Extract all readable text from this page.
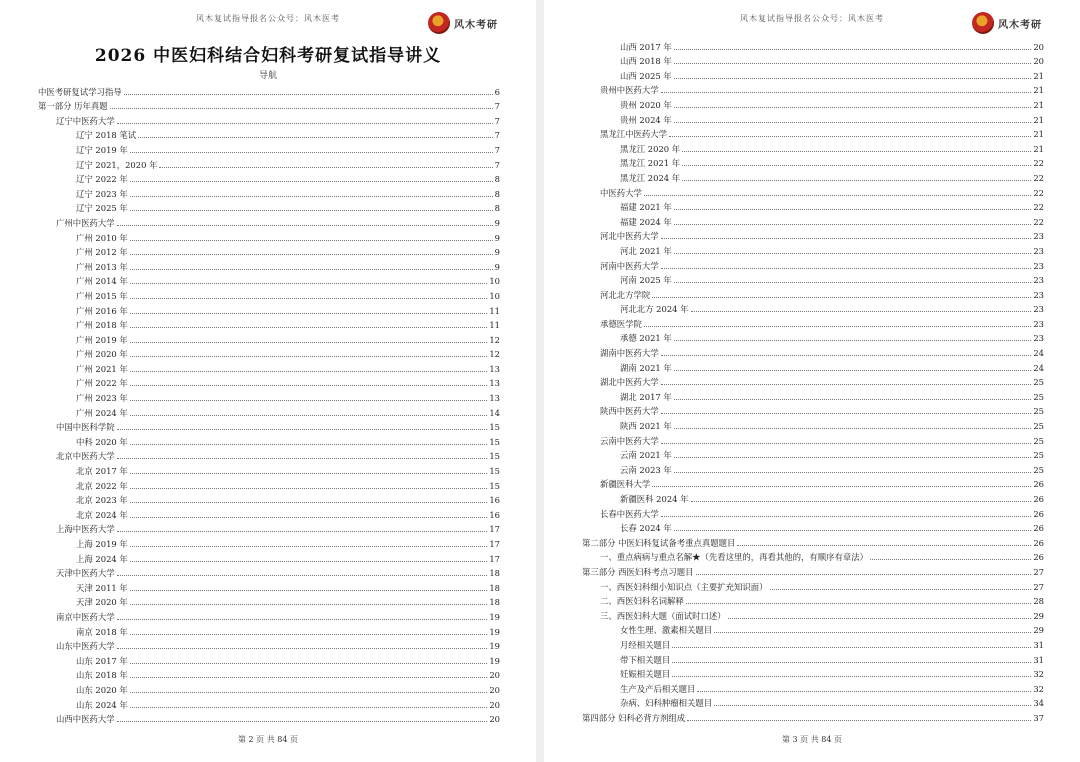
风木复试指导报名公众号：风木医考
风木考研
2026 中医妇科结合妇科考研复试指导讲义
导航
中医考研复试学习指导	6
第一部分 历年真题	7
辽宁中医药大学	7
辽宁 2018 笔试	7
辽宁 2019 年	7
辽宁 2021，2020 年	7
辽宁 2022 年	8
辽宁 2023 年	8
辽宁 2025 年	8
广州中医药大学	9
广州 2010 年	9
广州 2012 年	9
广州 2013 年	9
广州 2014 年	10
广州 2015 年	10
广州 2016 年	11
广州 2018 年	11
广州 2019 年	12
广州 2020 年	12
广州 2021 年	13
广州 2022 年	13
广州 2023 年	13
广州 2024 年	14
中国中医科学院	15
中科 2020 年	15
北京中医药大学	15
北京 2017 年	15
北京 2022 年	15
北京 2023 年	16
北京 2024 年	16
上海中医药大学	17
上海 2019 年	17
上海 2024 年	17
天津中医药大学	18
天津 2011 年	18
天津 2020 年	18
南京中医药大学	19
南京 2018 年	19
山东中医药大学	19
山东 2017 年	19
山东 2018 年	20
山东 2020 年	20
山东 2024 年	20
山西中医药大学	20
第 2 页 共 84 页
风木复试指导报名公众号：风木医考
风木考研
山西 2017 年	20
山西 2018 年	20
山西 2025 年	21
贵州中医药大学	21
贵州 2020 年	21
贵州 2024 年	21
黑龙江中医药大学	21
黑龙江 2020 年	21
黑龙江 2021 年	22
黑龙江 2024 年	22
中医药大学	22
福建 2021 年	22
福建 2024 年	22
河北中医药大学	23
河北 2021 年	23
河南中医药大学	23
河南 2025 年	23
河北北方学院	23
河北北方 2024 年	23
承德医学院	23
承德 2021 年	23
湖南中医药大学	24
湖南 2021 年	24
湖北中医药大学	25
湖北 2017 年	25
陕西中医药大学	25
陕西 2021 年	25
云南中医药大学	25
云南 2021 年	25
云南 2023 年	25
新疆医科大学	26
新疆医科 2024 年	26
长春中医药大学	26
长春 2024 年	26
第二部分 中医妇科复试备考重点真题题目	26
一、重点病病与重点名解★（先看这里的，再看其他的，有顺序有章法）	26
第三部分 西医妇科考点习题目	27
一、西医妇科细小知识点（主要扩充知识面）	27
二、西医妇科名词解释	28
三、西医妇科大题（面试时口述）	29
女性生理、激素相关题目	29
月经相关题目	31
带下相关题目	31
妊娠相关题目	32
生产及产后相关题目	32
杂病、妇科肿瘤相关题目	34
第四部分 妇科必背方剂组成	37
第 3 页 共 84 页
